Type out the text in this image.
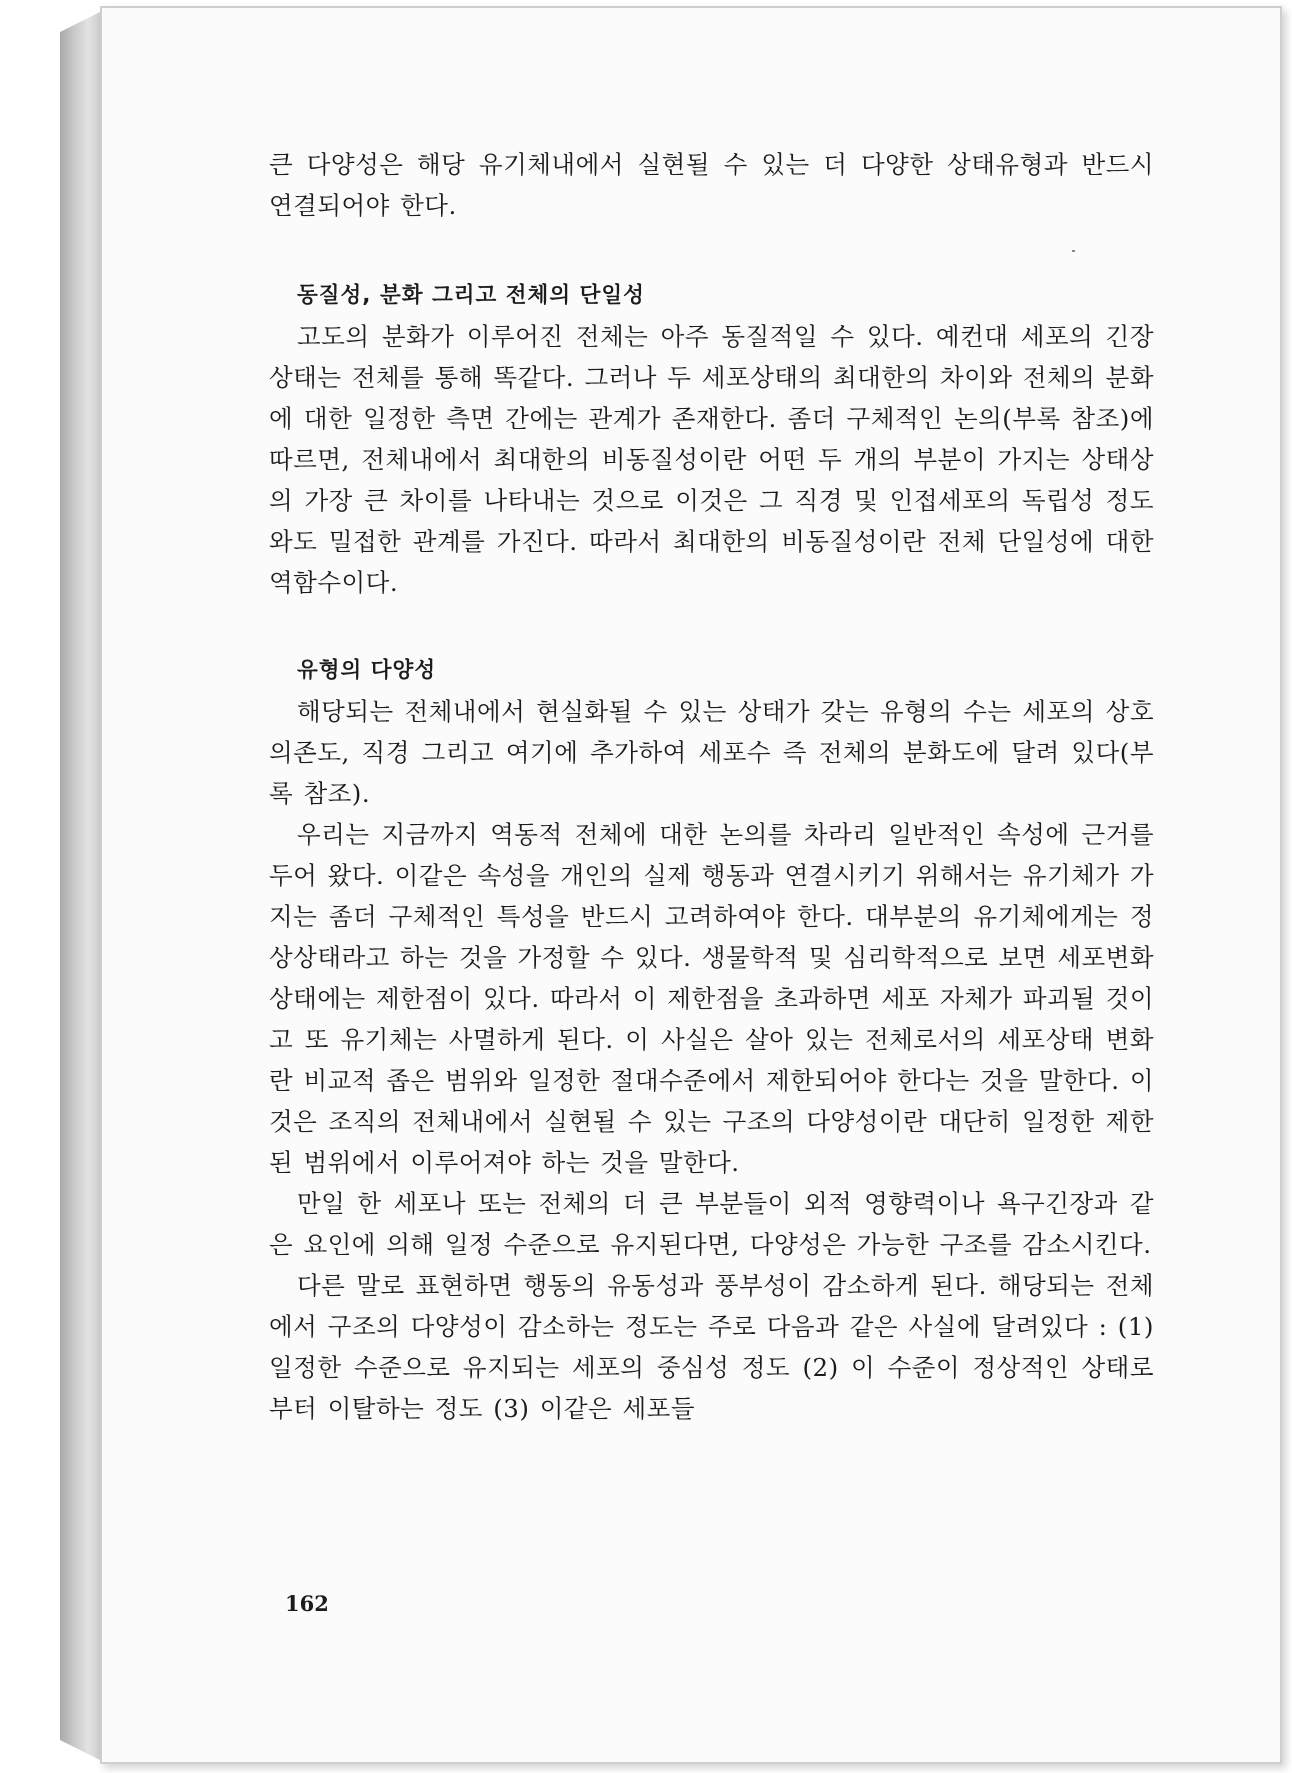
큰 다양성은 해당 유기체내에서 실현될 수 있는 더 다양한 상태유형과 반드시 연결되어야 한다.

동질성, 분화 그리고 전체의 단일성

고도의 분화가 이루어진 전체는 아주 동질적일 수 있다. 예컨대 세포의 긴장상태는 전체를 통해 똑같다. 그러나 두 세포상태의 최대한의 차이와 전체의 분화에 대한 일정한 측면 간에는 관계가 존재한다. 좀더 구체적인 논의(부록 참조)에 따르면, 전체내에서 최대한의 비동질성이란 어떤 두 개의 부분이 가지는 상태상의 가장 큰 차이를 나타내는 것으로 이것은 그 직경 및 인접세포의 독립성 정도와도 밀접한 관계를 가진다. 따라서 최대한의 비동질성이란 전체 단일성에 대한 역함수이다.

유형의 다양성

해당되는 전체내에서 현실화될 수 있는 상태가 갖는 유형의 수는 세포의 상호의존도, 직경 그리고 여기에 추가하여 세포수 즉 전체의 분화도에 달려 있다(부록 참조).

우리는 지금까지 역동적 전체에 대한 논의를 차라리 일반적인 속성에 근거를 두어 왔다. 이같은 속성을 개인의 실제 행동과 연결시키기 위해서는 유기체가 가지는 좀더 구체적인 특성을 반드시 고려하여야 한다. 대부분의 유기체에게는 정상상태라고 하는 것을 가정할 수 있다. 생물학적 및 심리학적으로 보면 세포변화 상태에는 제한점이 있다. 따라서 이 제한점을 초과하면 세포 자체가 파괴될 것이고 또 유기체는 사멸하게 된다. 이 사실은 살아 있는 전체로서의 세포상태 변화란 비교적 좁은 범위와 일정한 절대수준에서 제한되어야 한다는 것을 말한다. 이것은 조직의 전체내에서 실현될 수 있는 구조의 다양성이란 대단히 일정한 제한된 범위에서 이루어져야 하는 것을 말한다.

만일 한 세포나 또는 전체의 더 큰 부분들이 외적 영향력이나 욕구긴장과 같은 요인에 의해 일정 수준으로 유지된다면, 다양성은 가능한 구조를 감소시킨다.

다른 말로 표현하면 행동의 유동성과 풍부성이 감소하게 된다. 해당되는 전체에서 구조의 다양성이 감소하는 정도는 주로 다음과 같은 사실에 달려있다 : (1) 일정한 수준으로 유지되는 세포의 중심성 정도 (2) 이 수준이 정상적인 상태로부터 이탈하는 정도 (3) 이같은 세포들

162
